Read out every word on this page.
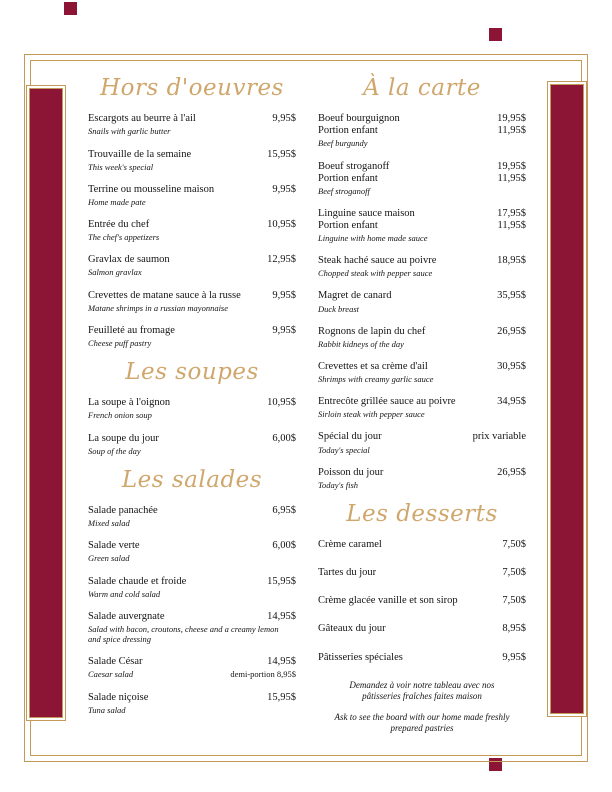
Hors d'oeuvres
Escargots au beurre à l'ail	9,95$
Snails with garlic butter
Trouvaille de la semaine	15,95$
This week's special
Terrine ou mousseline maison	9,95$
Home made pate
Entrée du chef	10,95$
The chef's appetizers
Gravlax de saumon	12,95$
Salmon gravlax
Crevettes de matane sauce à la russe	9,95$
Matane shrimps in a russian mayonnaise
Feuilleté au fromage	9,95$
Cheese puff pastry
Les soupes
La soupe à l'oignon	10,95$
French onion soup
La soupe du jour	6,00$
Soup of the day
Les salades
Salade panachée	6,95$
Mixed salad
Salade verte	6,00$
Green salad
Salade chaude et froide	15,95$
Warm and cold salad
Salade auvergnate	14,95$
Salad with bacon, croutons, cheese and a creamy lemon and spice dressing
Salade César	14,95$
Caesar salad	demi-portion 8,95$
Salade niçoise	15,95$
Tuna salad
À la carte
Boeuf bourguignon	19,95$
Portion enfant	11,95$
Beef burgundy
Boeuf stroganoff	19,95$
Portion enfant	11,95$
Beef stroganoff
Linguine sauce maison	17,95$
Portion enfant	11,95$
Linguine with home made sauce
Steak haché sauce au poivre	18,95$
Chopped steak with pepper sauce
Magret de canard	35,95$
Duck breast
Rognons de lapin du chef	26,95$
Rabbit kidneys of the day
Crevettes et sa crème d'ail	30,95$
Shrimps with creamy garlic sauce
Entrecôte grillée sauce au poivre	34,95$
Sirloin steak with pepper sauce
Spécial du jour	prix variable
Today's special
Poisson du jour	26,95$
Today's fish
Les desserts
Crème caramel	7,50$
Tartes du jour	7,50$
Crème glacée vanille et son sirop	7,50$
Gâteaux du jour	8,95$
Pâtisseries spéciales	9,95$

Demandez à voir notre tableau avec nos pâtisseries fraîches faites maison

Ask to see the board with our home made freshly prepared pastries
